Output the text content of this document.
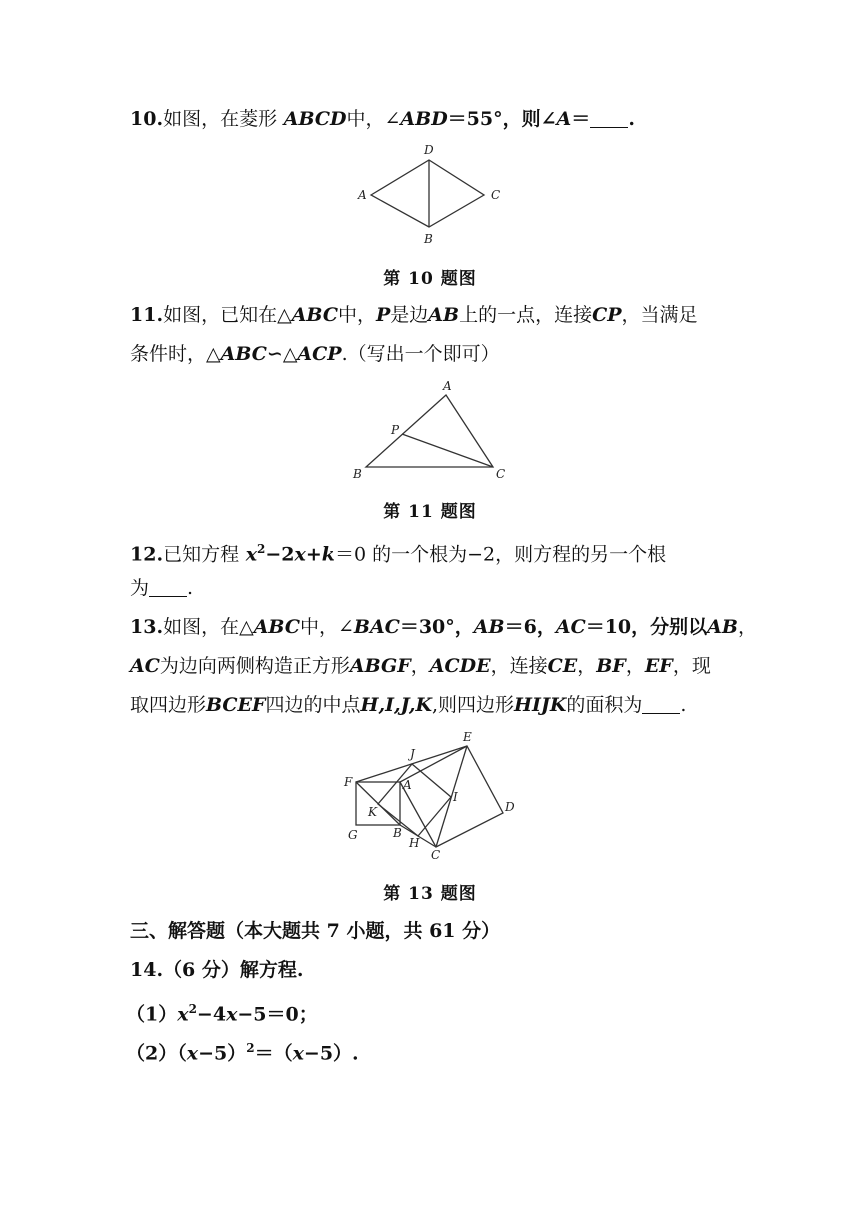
10.如图，在菱形 ABCD中，∠ABD＝55°，则∠A＝ .
D
A	C
B
第 10 题图
11.如图，已知在△ABC中，P是边AB上的一点，连接CP，当满足
条件时，△ABC∽△ACP.（写出一个即可）
A
P
B	C
第 11 题图
12.已知方程 $x^2-2x+k=0$ 的一个根为−2，则方程的另一个根
为 .
13.如图，在△ABC中，∠BAC＝30°，AB＝6，AC＝10，分别以AB，
AC为边向两侧构造正方形ABGF，ACDE，连接CE，BF，EF，现
取四边形BCEF四边的中点H,I,J,K,则四边形HIJK的面积为 .
E
J
F	A
I
D
K
G	B
H
C
第 13 题图
三、解答题（本大题共 7 小题，共 61 分）
14.（6 分）解方程.
$(1)x^2-4x-5=0$；
$(2)(x-5)^2=(x-5)$.
